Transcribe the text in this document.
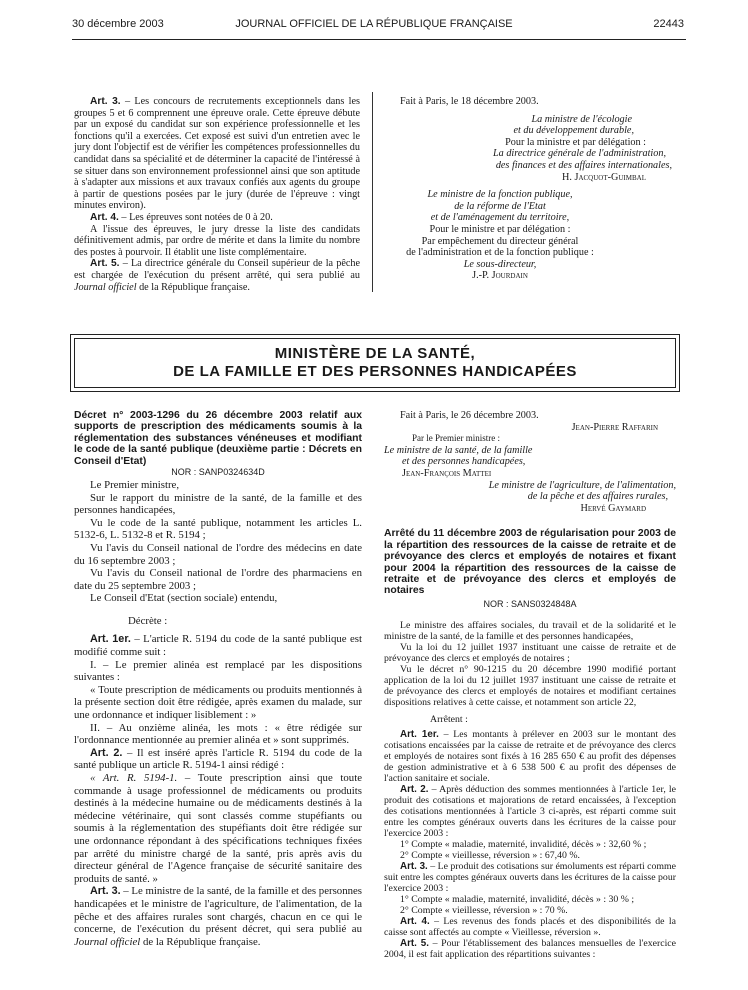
30 décembre 2003	JOURNAL OFFICIEL DE LA RÉPUBLIQUE FRANÇAISE	22443

Art. 3. – Les concours de recrutements exceptionnels dans les groupes 5 et 6 comprennent une épreuve orale. Cette épreuve débute par un exposé du candidat sur son expérience professionnelle et les fonctions qu'il a exercées. Cet exposé est suivi d'un entretien avec le jury dont l'objectif est de vérifier les compétences professionnelles du candidat dans sa spécialité et de déterminer la capacité de l'intéressé à se situer dans son environnement professionnel ainsi que son aptitude à s'adapter aux missions et aux travaux confiés aux agents du groupe à partir de questions posées par le jury (durée de l'épreuve : vingt minutes environ).

Art. 4. – Les épreuves sont notées de 0 à 20.

A l'issue des épreuves, le jury dresse la liste des candidats définitivement admis, par ordre de mérite et dans la limite du nombre des postes à pourvoir. Il établit une liste complémentaire.

Art. 5. – La directrice générale du Conseil supérieur de la pêche est chargée de l'exécution du présent arrêté, qui sera publié au Journal officiel de la République française.

Fait à Paris, le 18 décembre 2003.

La ministre de l'écologie

et du développement durable,

Pour la ministre et par délégation :

La directrice générale de l'administration,

des finances et des affaires internationales,

H. Jacquot-Guimbal

Le ministre de la fonction publique,

de la réforme de l'Etat

et de l'aménagement du territoire,

Pour le ministre et par délégation :

Par empêchement du directeur général

de l'administration et de la fonction publique :

Le sous-directeur,

J.-P. Jourdain

MINISTÈRE DE LA SANTÉ,
DE LA FAMILLE ET DES PERSONNES HANDICAPÉES

Décret n° 2003-1296 du 26 décembre 2003 relatif aux supports de prescription des médicaments soumis à la réglementation des substances vénéneuses et modifiant le code de la santé publique (deuxième partie : Décrets en Conseil d'Etat)

NOR : SANP0324634D

Le Premier ministre,

Sur le rapport du ministre de la santé, de la famille et des personnes handicapées,

Vu le code de la santé publique, notamment les articles L. 5132-6, L. 5132-8 et R. 5194 ;

Vu l'avis du Conseil national de l'ordre des médecins en date du 16 septembre 2003 ;

Vu l'avis du Conseil national de l'ordre des pharmaciens en date du 25 septembre 2003 ;

Le Conseil d'Etat (section sociale) entendu,

Décrète :

Art. 1er. – L'article R. 5194 du code de la santé publique est modifié comme suit :

I. – Le premier alinéa est remplacé par les dispositions suivantes :

« Toute prescription de médicaments ou produits mentionnés à la présente section doit être rédigée, après examen du malade, sur une ordonnance et indiquer lisiblement : »

II. – Au onzième alinéa, les mots : « être rédigée sur l'ordonnance mentionnée au premier alinéa et » sont supprimés.

Art. 2. – Il est inséré après l'article R. 5194 du code de la santé publique un article R. 5194-1 ainsi rédigé :

« Art. R. 5194-1. – Toute prescription ainsi que toute commande à usage professionnel de médicaments ou produits destinés à la médecine humaine ou de médicaments destinés à la médecine vétérinaire, qui sont classés comme stupéfiants ou soumis à la réglementation des stupéfiants doit être rédigée sur une ordonnance répondant à des spécifications techniques fixées par arrêté du ministre chargé de la santé, pris après avis du directeur général de l'Agence française de sécurité sanitaire des produits de santé. »

Art. 3. – Le ministre de la santé, de la famille et des personnes handicapées et le ministre de l'agriculture, de l'alimentation, de la pêche et des affaires rurales sont chargés, chacun en ce qui le concerne, de l'exécution du présent décret, qui sera publié au Journal officiel de la République française.

Fait à Paris, le 26 décembre 2003.

Jean-Pierre Raffarin

Par le Premier ministre :

Le ministre de la santé, de la famille

et des personnes handicapées,

Jean-François Mattei

Le ministre de l'agriculture, de l'alimentation,

de la pêche et des affaires rurales,

Hervé Gaymard

Arrêté du 11 décembre 2003 de régularisation pour 2003 de la répartition des ressources de la caisse de retraite et de prévoyance des clercs et employés de notaires et fixant pour 2004 la répartition des ressources de la caisse de retraite et de prévoyance des clercs et employés de notaires

NOR : SANS0324848A

Le ministre des affaires sociales, du travail et de la solidarité et le ministre de la santé, de la famille et des personnes handicapées,

Vu la loi du 12 juillet 1937 instituant une caisse de retraite et de prévoyance des clercs et employés de notaires ;

Vu le décret n° 90-1215 du 20 décembre 1990 modifié portant application de la loi du 12 juillet 1937 instituant une caisse de retraite et de prévoyance des clercs et employés de notaires et modifiant certaines dispositions relatives à cette caisse, et notamment son article 22,

Arrêtent :

Art. 1er. – Les montants à prélever en 2003 sur le montant des cotisations encaissées par la caisse de retraite et de prévoyance des clercs et employés de notaires sont fixés à 16 285 650 € au profit des dépenses de gestion administrative et à 6 538 500 € au profit des dépenses de l'action sanitaire et sociale.

Art. 2. – Après déduction des sommes mentionnées à l'article 1er, le produit des cotisations et majorations de retard encaissées, à l'exception des cotisations mentionnées à l'article 3 ci-après, est réparti comme suit entre les comptes généraux ouverts dans les écritures de la caisse pour l'exercice 2003 :

1° Compte « maladie, maternité, invalidité, décès » : 32,60 % ;

2° Compte « vieillesse, réversion » : 67,40 %.

Art. 3. – Le produit des cotisations sur émoluments est réparti comme suit entre les comptes généraux ouverts dans les écritures de la caisse pour l'exercice 2003 :

1° Compte « maladie, maternité, invalidité, décès » : 30 % ;

2° Compte « vieillesse, réversion » : 70 %.

Art. 4. – Les revenus des fonds placés et des disponibilités de la caisse sont affectés au compte « Vieillesse, réversion ».

Art. 5. – Pour l'établissement des balances mensuelles de l'exercice 2004, il est fait application des répartitions suivantes :
